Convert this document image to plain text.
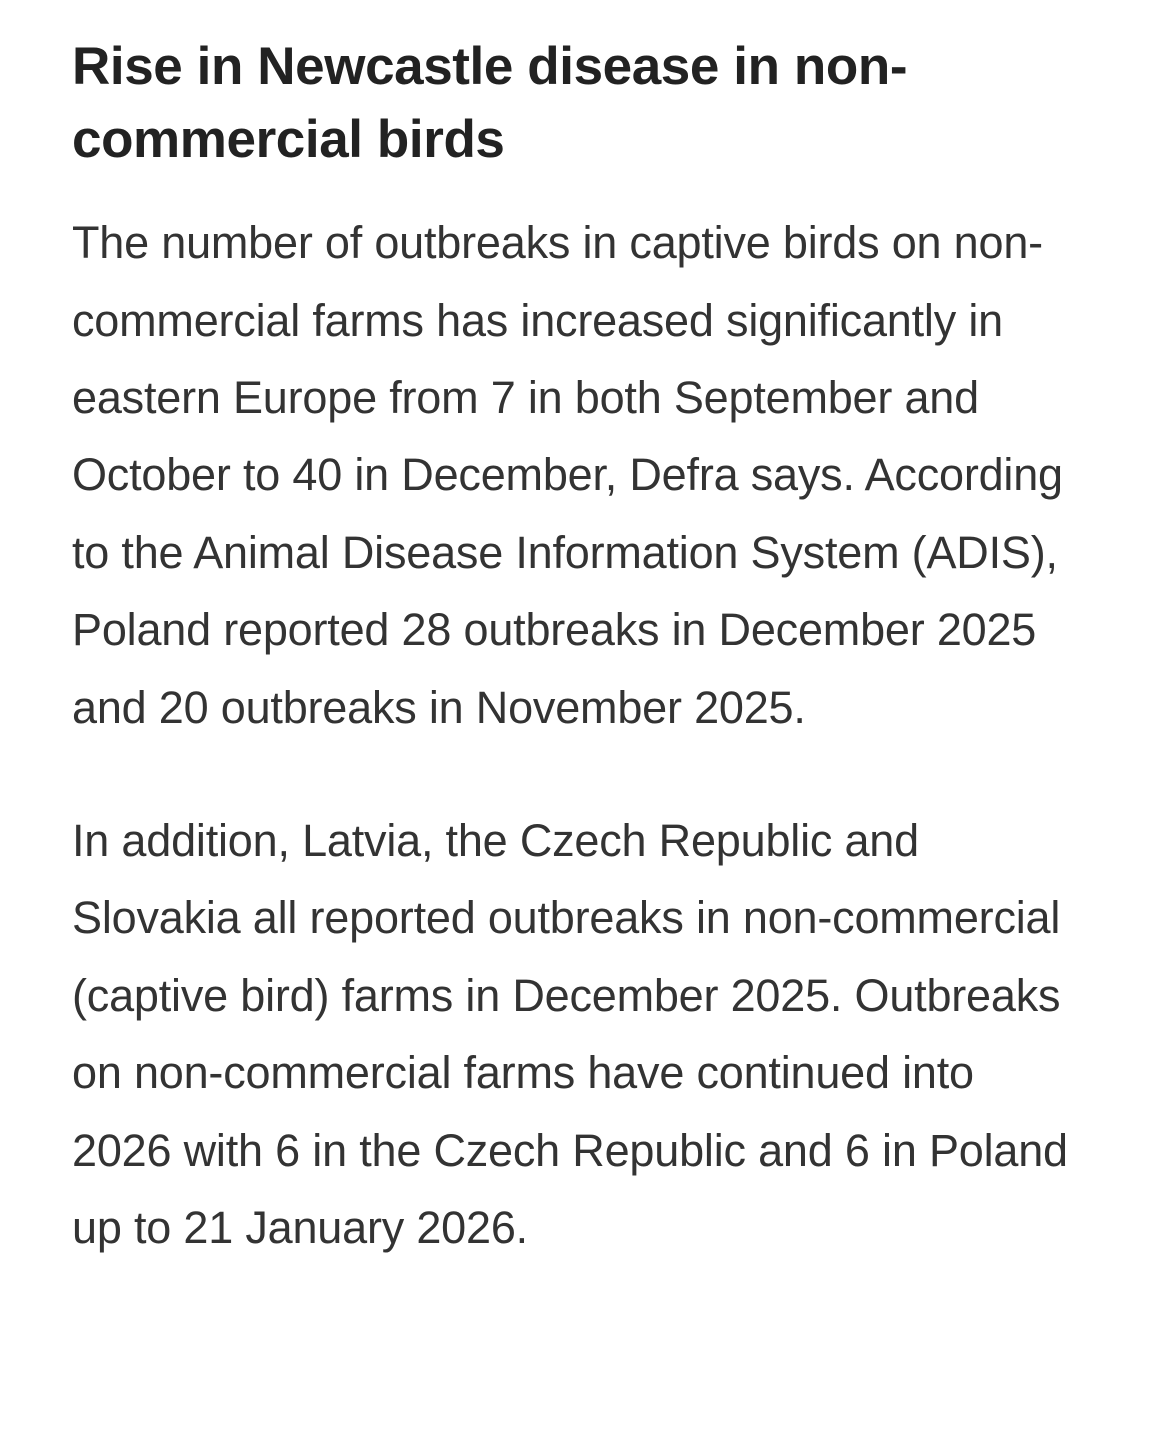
Rise in Newcastle disease in non-commercial birds

The number of outbreaks in captive birds on non-commercial farms has increased significantly in eastern Europe from 7 in both September and October to 40 in December, Defra says. According to the Animal Disease Information System (ADIS), Poland reported 28 outbreaks in December 2025 and 20 outbreaks in November 2025.

In addition, Latvia, the Czech Republic and Slovakia all reported outbreaks in non-commercial (captive bird) farms in December 2025. Outbreaks on non-commercial farms have continued into 2026 with 6 in the Czech Republic and 6 in Poland up to 21 January 2026.
